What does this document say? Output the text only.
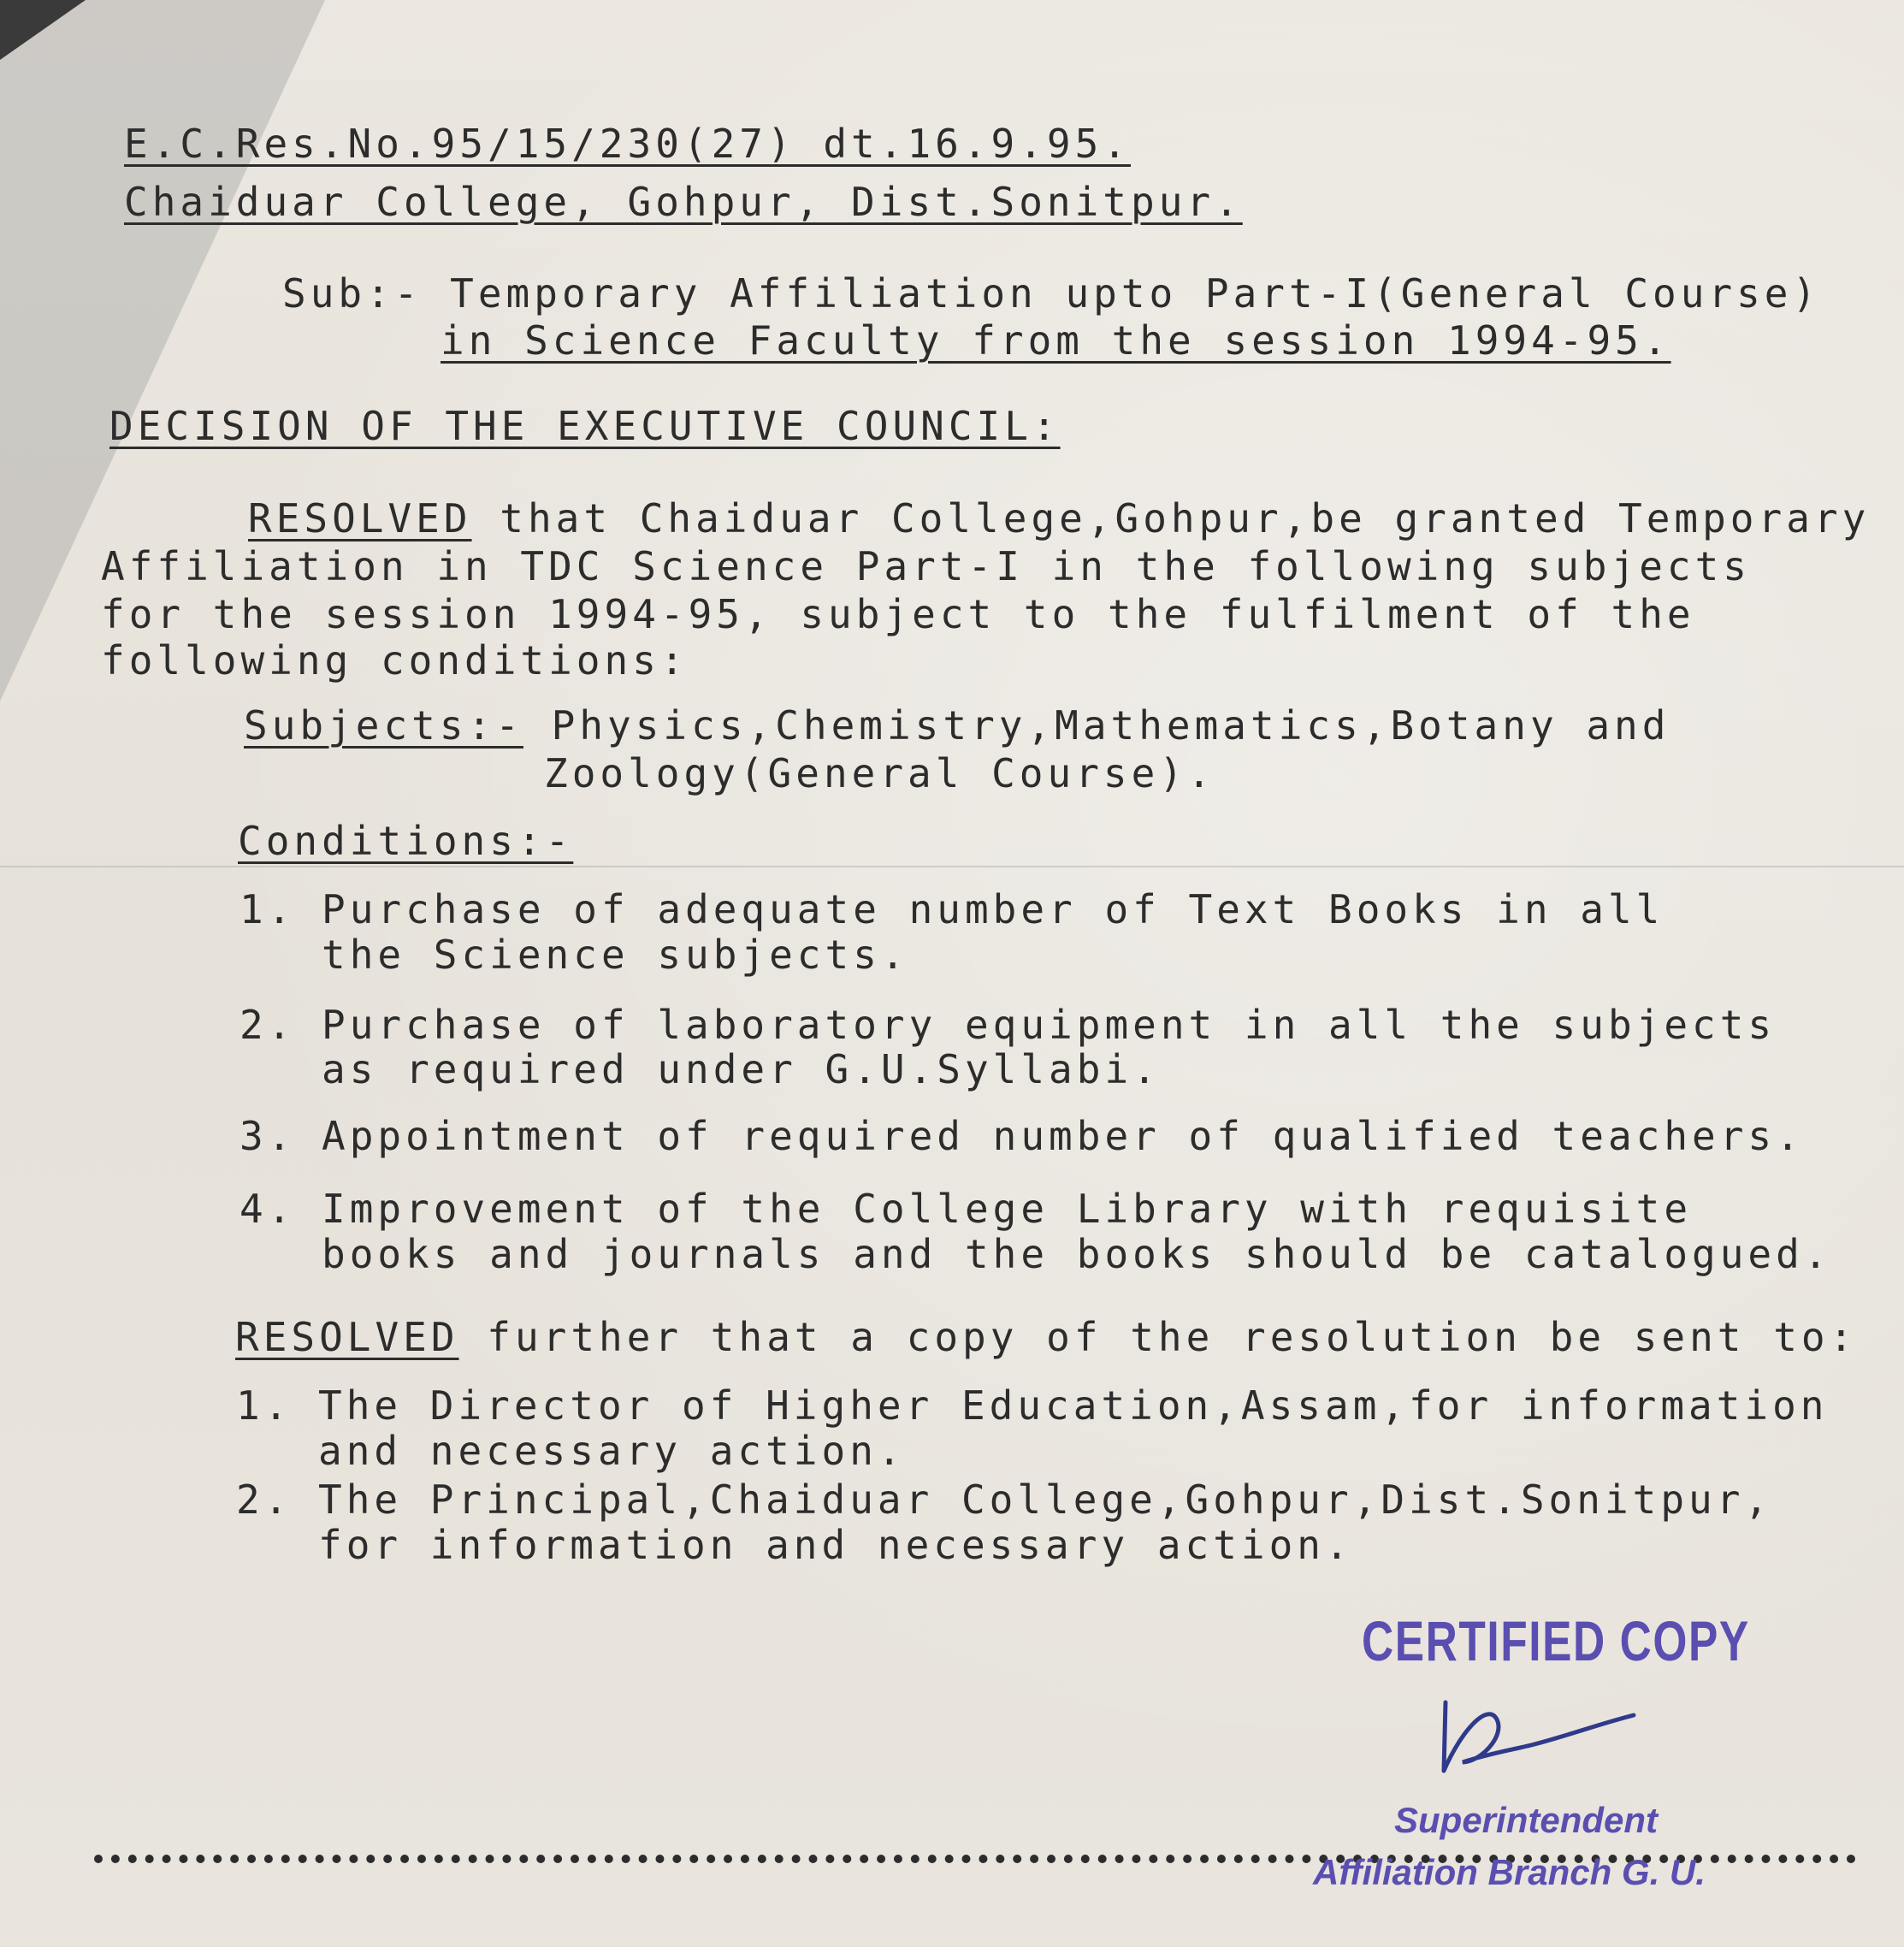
E.C.Res.No.95/15/230(27) dt.16.9.95.
Chaiduar College, Gohpur, Dist.Sonitpur.
Sub:- Temporary Affiliation upto Part-I(General Course)
in Science Faculty from the session 1994-95.
DECISION OF THE EXECUTIVE COUNCIL:
RESOLVED that Chaiduar College,Gohpur,be granted Temporary
Affiliation in TDC Science Part-I in the following subjects
for the session 1994-95, subject to the fulfilment of the
following conditions:
Subjects:- Physics,Chemistry,Mathematics,Botany and
Zoology(General Course).
Conditions:-
1. Purchase of adequate number of Text Books in all
the Science subjects.
2. Purchase of laboratory equipment in all the subjects
as required under G.U.Syllabi.
3. Appointment of required number of qualified teachers.
4. Improvement of the College Library with requisite
books and journals and the books should be catalogued.
RESOLVED further that a copy of the resolution be sent to:
1. The Director of Higher Education,Assam,for information
and necessary action.
2. The Principal,Chaiduar College,Gohpur,Dist.Sonitpur,
for information and necessary action.
CERTIFIED COPY
Superintendent
Affiliation Branch G. U.
